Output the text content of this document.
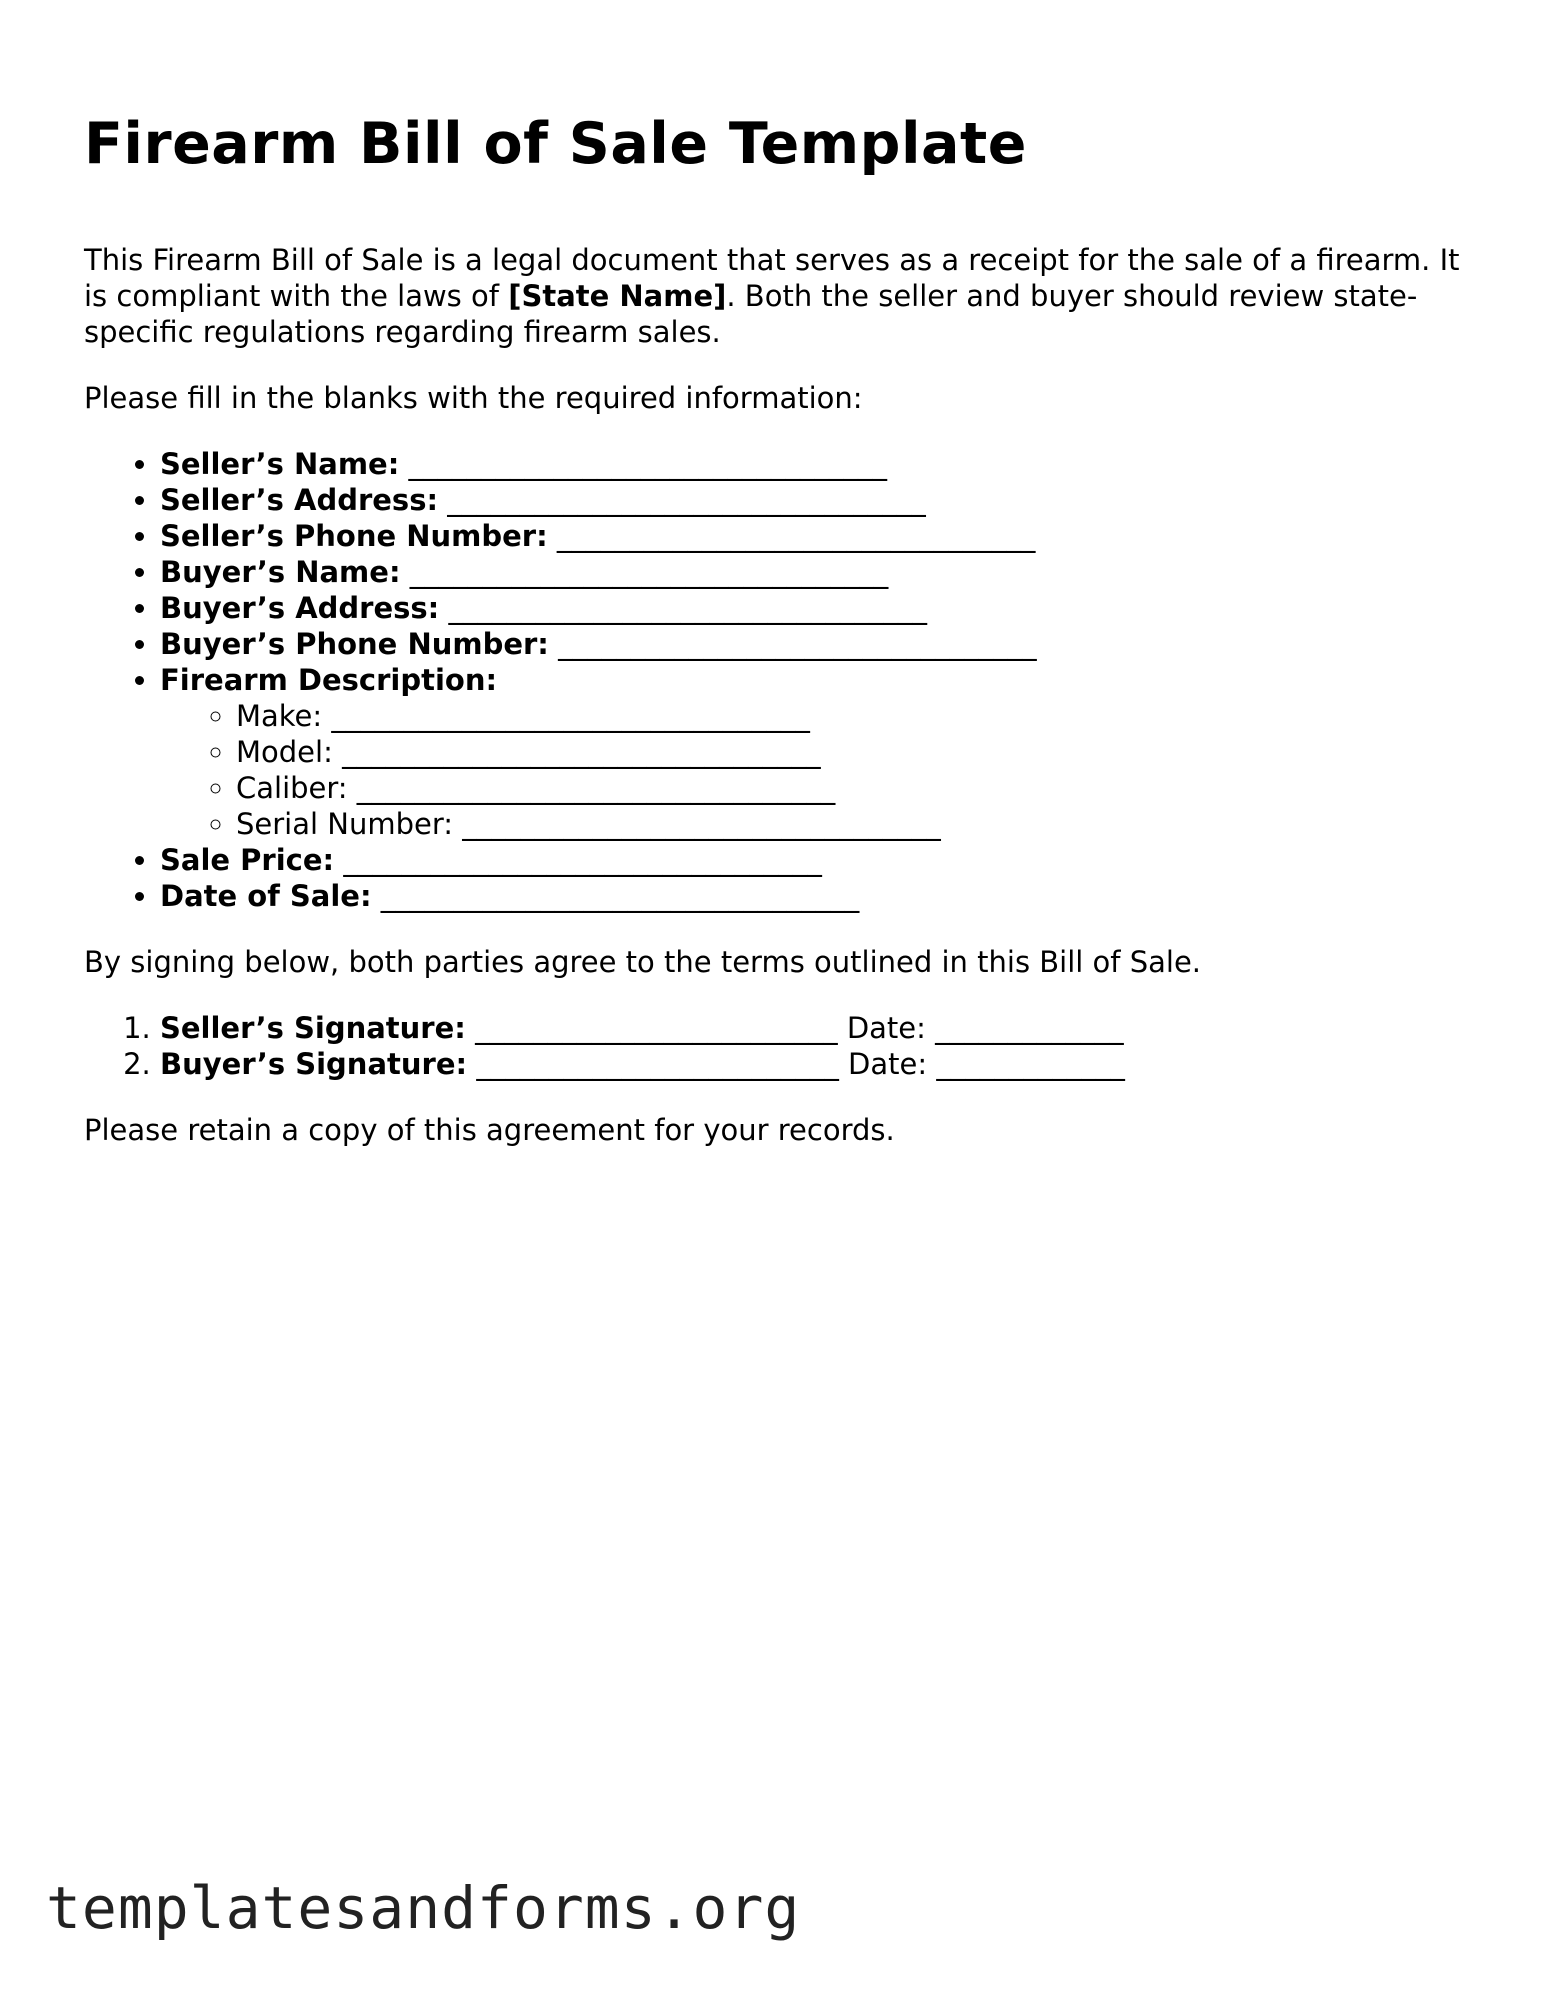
Firearm Bill of Sale Template

This Firearm Bill of Sale is a legal document that serves as a receipt for the sale of a firearm. It is compliant with the laws of [State Name]. Both the seller and buyer should review state-specific regulations regarding firearm sales.

Please fill in the blanks with the required information:

• Seller’s Name: _________________________________
• Seller’s Address: _________________________________
• Seller’s Phone Number: _________________________________
• Buyer’s Name: _________________________________
• Buyer’s Address: _________________________________
• Buyer’s Phone Number: _________________________________
• Firearm Description:
◦ Make: _________________________________
◦ Model: _________________________________
◦ Caliber: _________________________________
◦ Serial Number: _________________________________
• Sale Price: _________________________________
• Date of Sale: _________________________________

By signing below, both parties agree to the terms outlined in this Bill of Sale.

1. Seller’s Signature: _________________________ Date: _____________
2. Buyer’s Signature: _________________________ Date: _____________

Please retain a copy of this agreement for your records.

templatesandforms.org
